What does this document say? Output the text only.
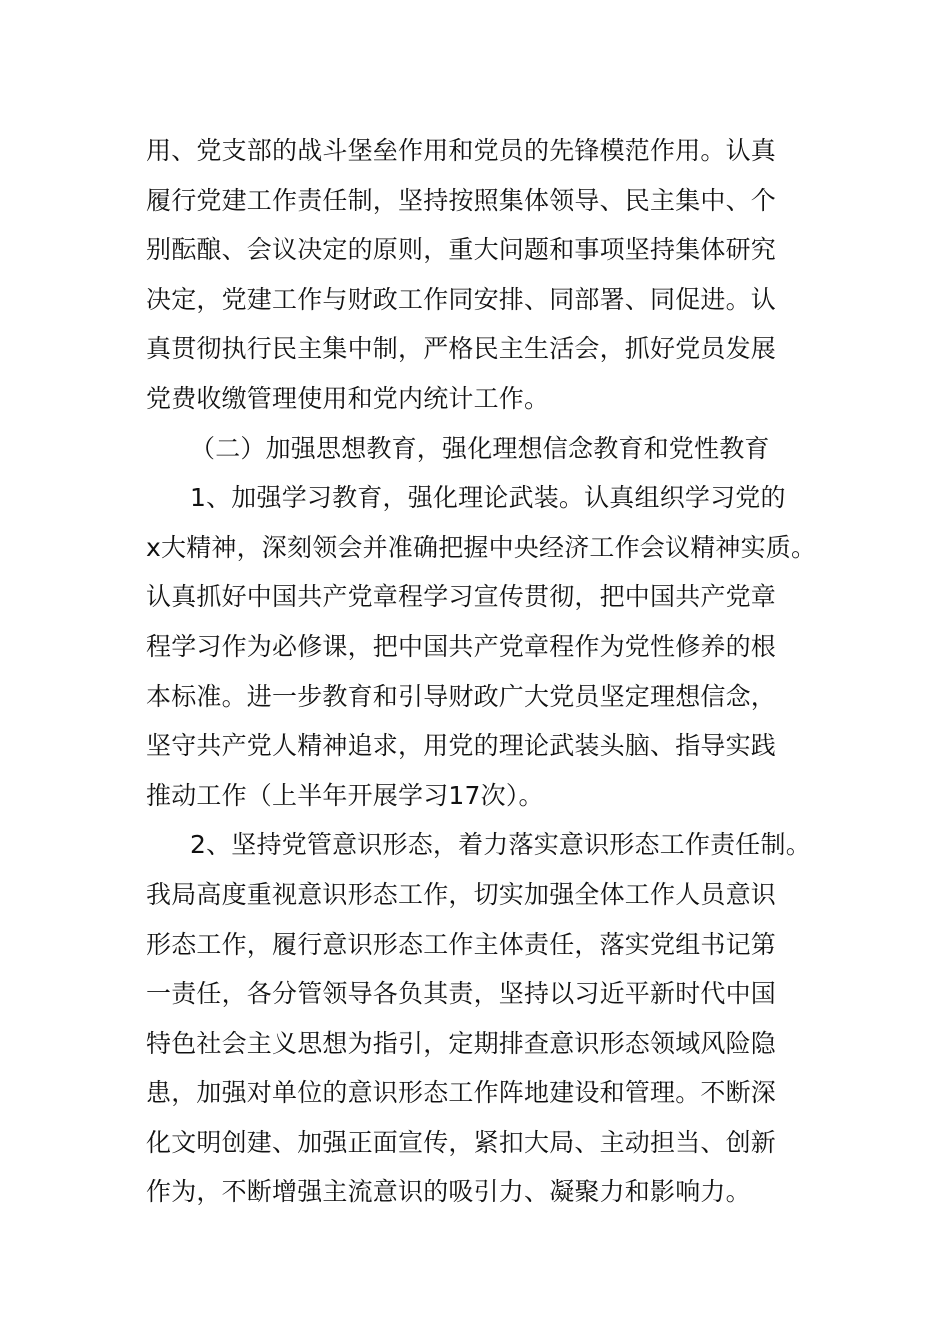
用、党支部的战斗堡垒作用和党员的先锋模范作用。认真
履行党建工作责任制，坚持按照集体领导、民主集中、个
别酝酿、会议决定的原则，重大问题和事项坚持集体研究
决定，党建工作与财政工作同安排、同部署、同促进。认
真贯彻执行民主集中制，严格民主生活会，抓好党员发展
党费收缴管理使用和党内统计工作。
（二）加强思想教育，强化理想信念教育和党性教育
1、加强学习教育，强化理论武装。认真组织学习党的
x大精神，深刻领会并准确把握中央经济工作会议精神实质。
认真抓好中国共产党章程学习宣传贯彻，把中国共产党章
程学习作为必修课，把中国共产党章程作为党性修养的根
本标准。进一步教育和引导财政广大党员坚定理想信念，
坚守共产党人精神追求，用党的理论武装头脑、指导实践
推动工作（上半年开展学习17次）。
2、坚持党管意识形态，着力落实意识形态工作责任制。
我局高度重视意识形态工作，切实加强全体工作人员意识
形态工作，履行意识形态工作主体责任，落实党组书记第
一责任，各分管领导各负其责，坚持以习近平新时代中国
特色社会主义思想为指引，定期排查意识形态领域风险隐
患，加强对单位的意识形态工作阵地建设和管理。不断深
化文明创建、加强正面宣传，紧扣大局、主动担当、创新
作为，不断增强主流意识的吸引力、凝聚力和影响力。
